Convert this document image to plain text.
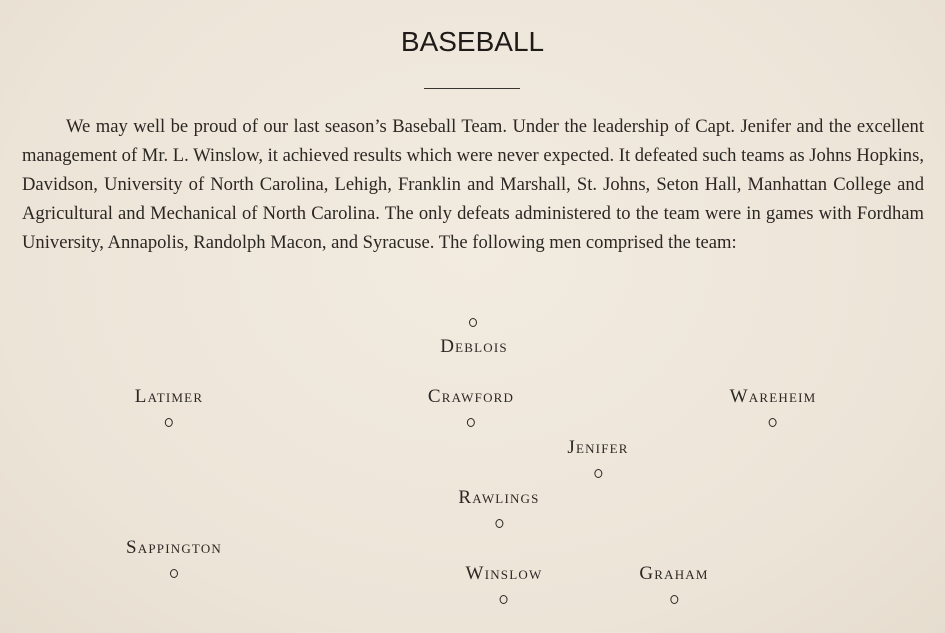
BASEBALL

We may well be proud of our last season’s Baseball Team. Under the leadership of Capt. Jenifer and the excellent management of Mr. L. Winslow, it achieved results which were never expected. It defeated such teams as Johns Hopkins, Davidson, University of North Carolina, Lehigh, Franklin and Marshall, St. Johns, Seton Hall, Manhattan College and Agricultural and Mechanical of North Carolina. The only defeats administered to the team were in games with Fordham University, Annapolis, Randolph Macon, and Syracuse. The following men comprised the team:

Deblois
Latimer	Crawford	Wareheim
Jenifer
Rawlings
Sappington
Winslow	Graham
